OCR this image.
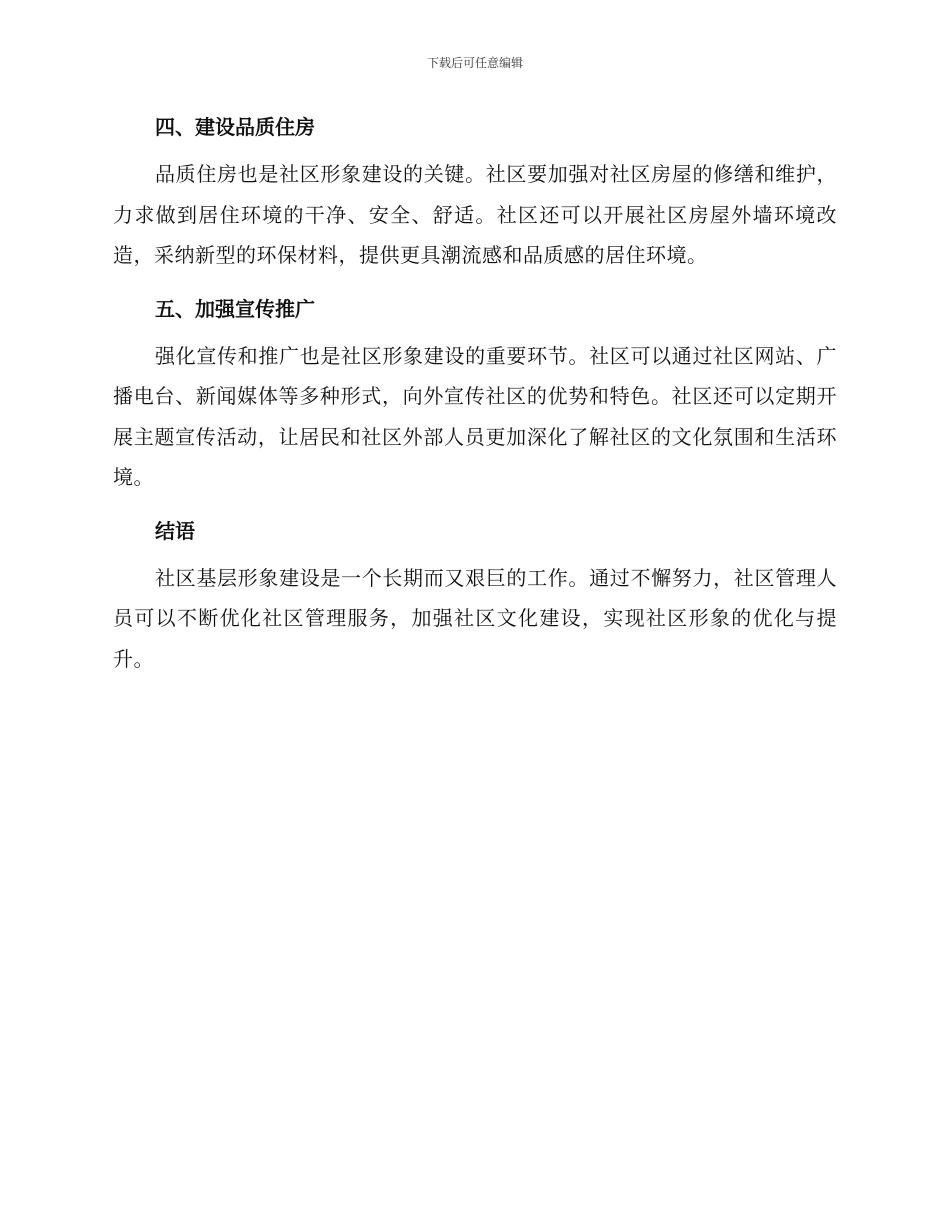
下载后可任意编辑
四、建设品质住房

品质住房也是社区形象建设的关键。社区要加强对社区房屋的修缮和维护，力求做到居住环境的干净、安全、舒适。社区还可以开展社区房屋外墙环境改造，采纳新型的环保材料，提供更具潮流感和品质感的居住环境。

五、加强宣传推广

强化宣传和推广也是社区形象建设的重要环节。社区可以通过社区网站、广播电台、新闻媒体等多种形式，向外宣传社区的优势和特色。社区还可以定期开展主题宣传活动，让居民和社区外部人员更加深化了解社区的文化氛围和生活环境。

结语

社区基层形象建设是一个长期而又艰巨的工作。通过不懈努力，社区管理人员可以不断优化社区管理服务，加强社区文化建设，实现社区形象的优化与提升。
